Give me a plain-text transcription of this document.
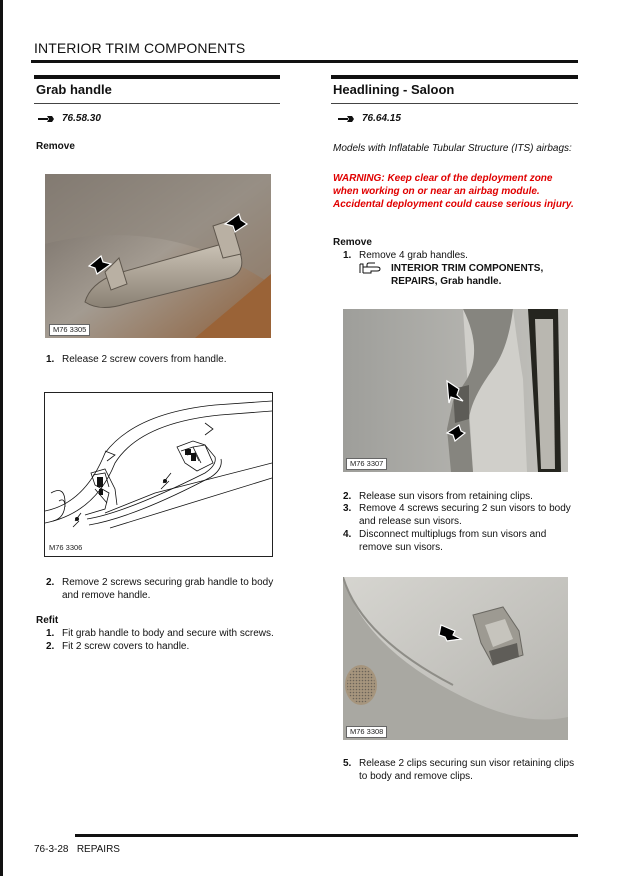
INTERIOR TRIM COMPONENTS
Grab handle
76.58.30
Remove
M76 3305
1. Release 2 screw covers from handle.
M76 3306
2. Remove 2 screws securing grab handle to body and remove handle.
Refit
1. Fit grab handle to body and secure with screws.
2. Fit 2 screw covers to handle.
Headlining - Saloon
76.64.15
Models with Inflatable Tubular Structure (ITS) airbags:
WARNING: Keep clear of the deployment zone when working on or near an airbag module. Accidental deployment could cause serious injury.
Remove
1. Remove 4 grab handles.
INTERIOR TRIM COMPONENTS, REPAIRS, Grab handle.
M76 3307
2. Release sun visors from retaining clips.
3. Remove 4 screws securing 2 sun visors to body and release sun visors.
4. Disconnect multiplugs from sun visors and remove sun visors.
M76 3308
5. Release 2 clips securing sun visor retaining clips to body and remove clips.
76-3-28 REPAIRS
